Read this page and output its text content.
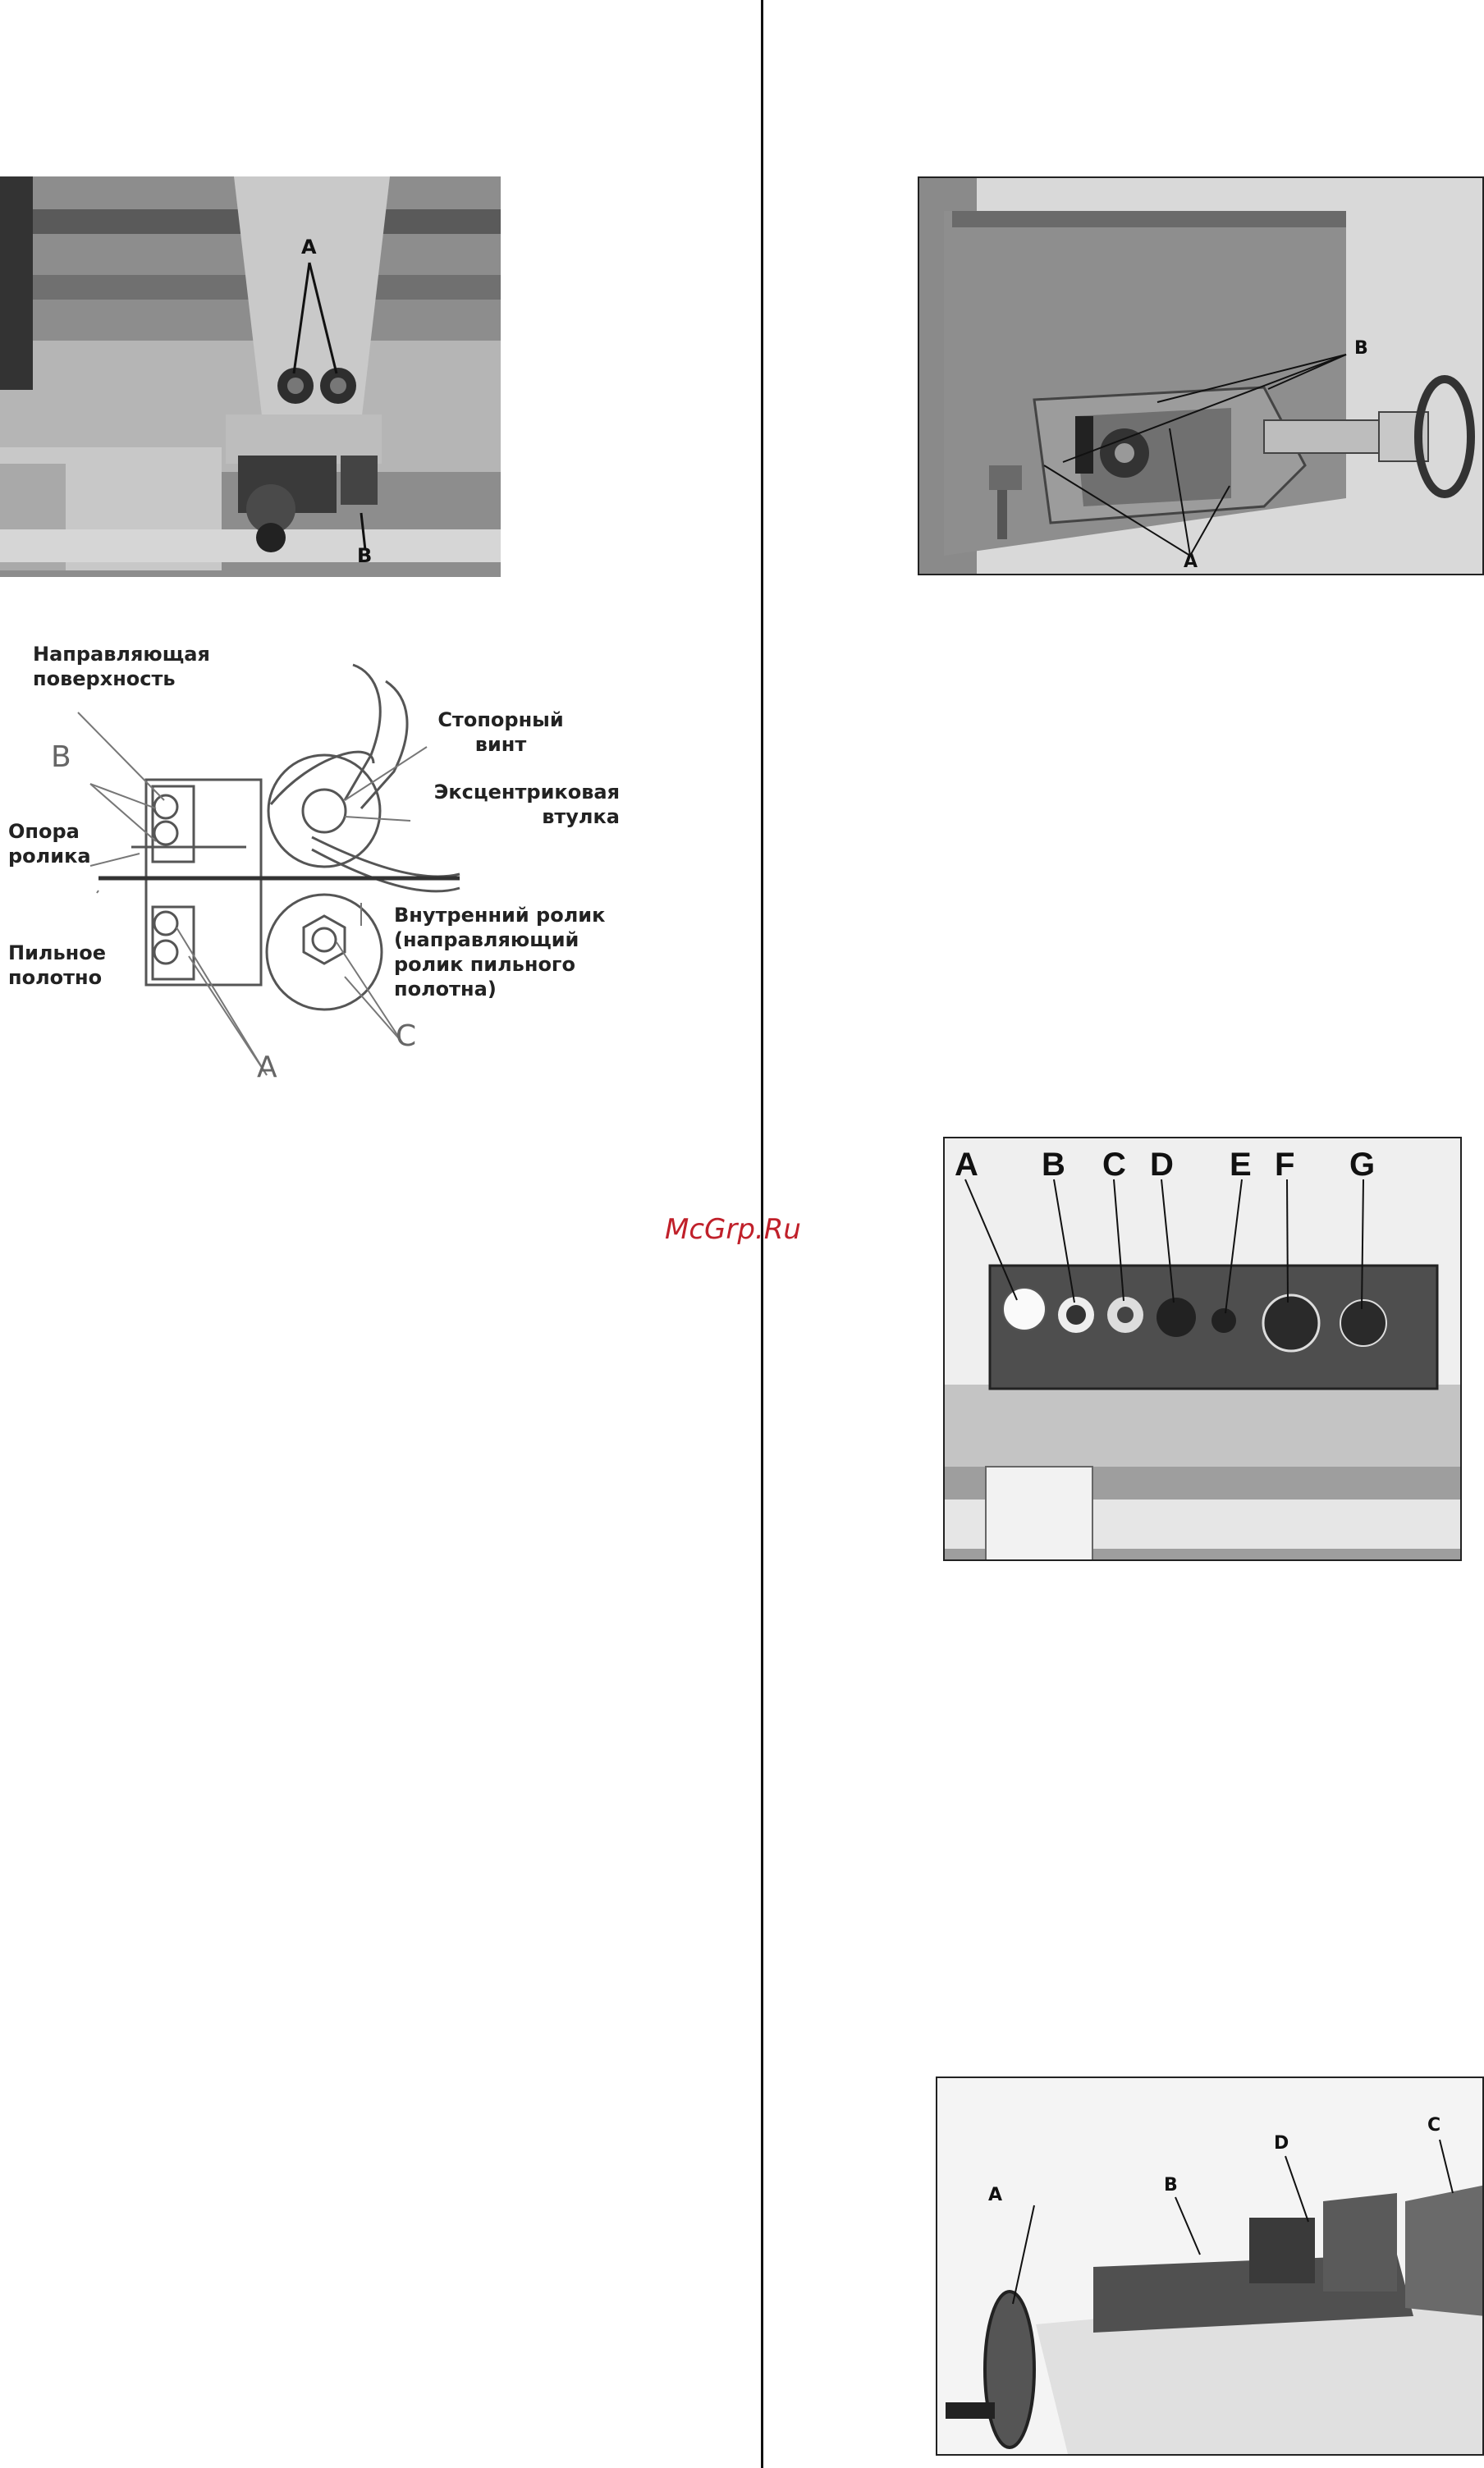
A
B
Направляющая поверхность
Стопорный винт
Эксцентриковая втулка
Опора ролика
Пильное полотно
Внутренний ролик (направляющий ролик пильного полотна)
B
A
C
McGrp.Ru
B
A
A B C D E F G
A	B
D
C
